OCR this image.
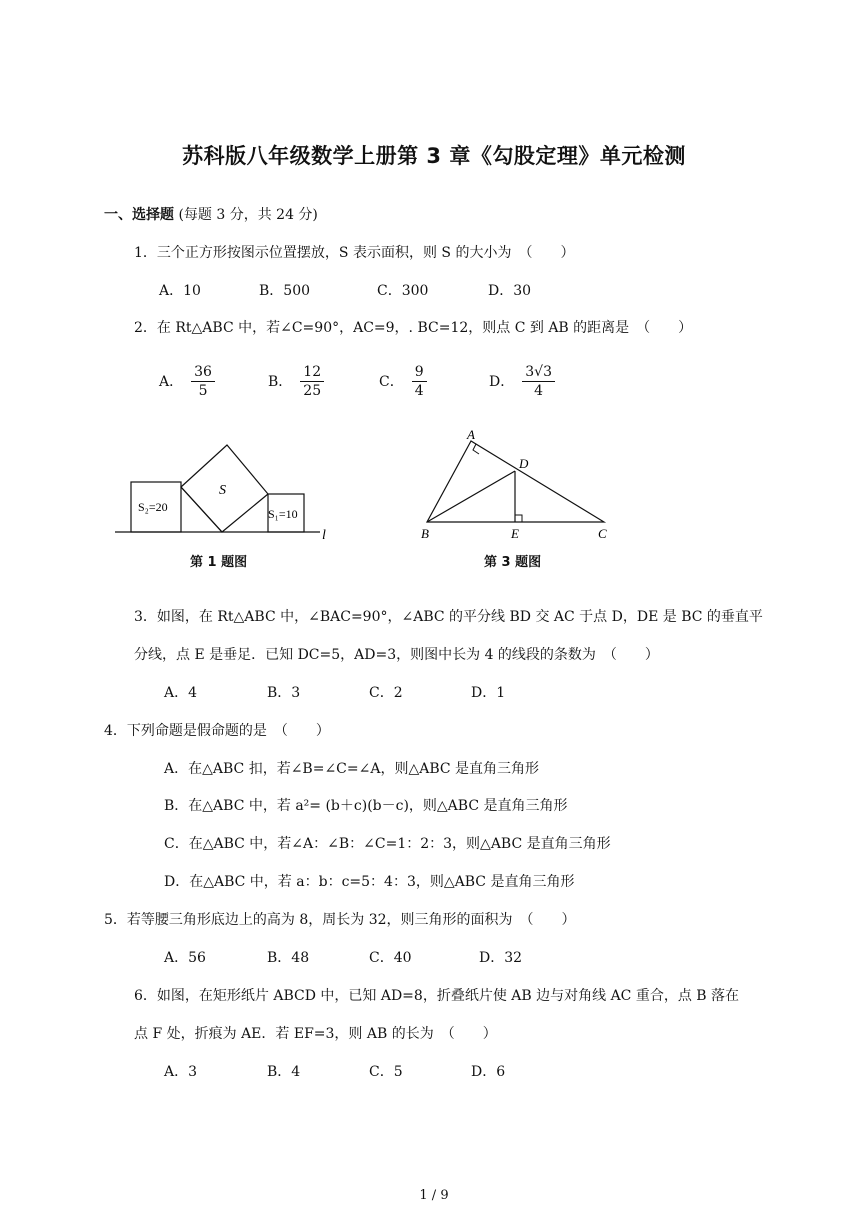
苏科版八年级数学上册第 3 章《勾股定理》单元检测
一、选择题 (每题 3 分，共 24 分)
1．三个正方形按图示位置摆放，S 表示面积，则 S 的大小为　（　　）
A．10	B．500	C．300	D．30
2．在 Rt△ABC 中，若∠C=90°，AC=9，. BC=12，则点 C 到 AB 的距离是　（　　）
A． $\frac{36}{5}$	B． $\frac{12}{25}$	C． $\frac{9}{4}$	D． $\frac{3√3}{4}$
S₂=20
S
S₁=10
l
第 1 题图
A
B	C
D
E
第 3 题图
3．如图，在 Rt△ABC 中，∠BAC=90°，∠ABC 的平分线 BD 交 AC 于点 D，DE 是 BC 的垂直平
分线，点 E 是垂足．已知 DC=5，AD=3，则图中长为 4 的线段的条数为　（　　）
A．4	B．3	C．2	D．1
4．下列命题是假命题的是　（　　）
A．在△ABC 扣，若∠B=∠C=∠A，则△ABC 是直角三角形
B．在△ABC 中，若 a²= (b＋c)(b－c)，则△ABC 是直角三角形
C．在△ABC 中，若∠A：∠B：∠C=1：2：3，则△ABC 是直角三角形
D．在△ABC 中，若 a：b：c=5：4：3，则△ABC 是直角三角形
5．若等腰三角形底边上的高为 8，周长为 32，则三角形的面积为　（　　）
A．56	B．48	C．40	D．32
6．如图，在矩形纸片 ABCD 中，已知 AD=8，折叠纸片使 AB 边与对角线 AC 重合，点 B 落在
点 F 处，折痕为 AE．若 EF=3，则 AB 的长为　（　　）
A．3	B．4	C．5	D．6
1 / 9
